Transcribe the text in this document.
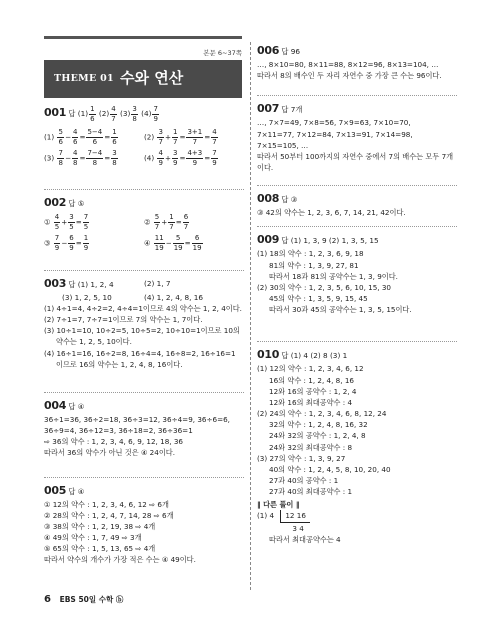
본문 6~37쪽
THEME 01 수와 연산
001 답 $(1) \frac{1}{6} (2) \frac{4}{7} (3) \frac{3}{8} (4) \frac{7}{9}$
$(1) \frac{5}{6} - \frac{4}{6} = \frac{5-4}{6} = \frac{1}{6}$	$(2) \frac{3}{7} + \frac{1}{7} = \frac{3+1}{7} = \frac{4}{7}$
$(3) \frac{7}{8} - \frac{4}{8} = \frac{7-4}{8} = \frac{3}{8}$	$(4) \frac{4}{9} + \frac{3}{9} = \frac{4+3}{9} = \frac{7}{9}$
002 답 ⑤
① $\frac{4}{5} + \frac{3}{5} = \frac{7}{5}$	② $\frac{5}{7} + \frac{1}{7} = \frac{6}{7}$
③ $\frac{7}{9} - \frac{6}{9} = \frac{1}{9}$	④ $\frac{11}{19} - \frac{5}{19} = \frac{6}{19}$
003 답 (1) 1, 2, 4	(2) 1, 7
(3) 1, 2, 5, 10	(4) 1, 2, 4, 8, 16
(1) 4÷1=4, 4÷2=2, 4÷4=1이므로 4의 약수는 1, 2, 4이다.
(2) 7÷1=7, 7÷7=1이므로 7의 약수는 1, 7이다.
(3) 10÷1=10, 10÷2=5, 10÷5=2, 10÷10=1이므로 10의
약수는 1, 2, 5, 10이다.
(4) 16÷1=16, 16÷2=8, 16÷4=4, 16÷8=2, 16÷16=1
이므로 16의 약수는 1, 2, 4, 8, 16이다.
004 답 ④
36÷1=36, 36÷2=18, 36÷3=12, 36÷4=9, 36÷6=6,
36÷9=4, 36÷12=3, 36÷18=2, 36÷36=1
⇨ 36의 약수 : 1, 2, 3, 4, 6, 9, 12, 18, 36
따라서 36의 약수가 아닌 것은 ④ 24이다.
005 답 ④
① 12의 약수 : 1, 2, 3, 4, 6, 12 ⇨ 6개
② 28의 약수 : 1, 2, 4, 7, 14, 28 ⇨ 6개
③ 38의 약수 : 1, 2, 19, 38 ⇨ 4개
④ 49의 약수 : 1, 7, 49 ⇨ 3개
⑤ 65의 약수 : 1, 5, 13, 65 ⇨ 4개
따라서 약수의 개수가 가장 적은 수는 ④ 49이다.
006 답 96
…, 8×10=80, 8×11=88, 8×12=96, 8×13=104, …
따라서 8의 배수인 두 자리 자연수 중 가장 큰 수는 96이다.
007 답 7개
…, 7×7=49, 7×8=56, 7×9=63, 7×10=70,
7×11=77, 7×12=84, 7×13=91, 7×14=98,
7×15=105, …
따라서 50부터 100까지의 자연수 중에서 7의 배수는 모두 7개
이다.
008 답 ③
③ 42의 약수는 1, 2, 3, 6, 7, 14, 21, 42이다.
009 답 (1) 1, 3, 9 (2) 1, 3, 5, 15
(1) 18의 약수 : 1, 2, 3, 6, 9, 18
81의 약수 : 1, 3, 9, 27, 81
따라서 18과 81의 공약수는 1, 3, 9이다.
(2) 30의 약수 : 1, 2, 3, 5, 6, 10, 15, 30
45의 약수 : 1, 3, 5, 9, 15, 45
따라서 30과 45의 공약수는 1, 3, 5, 15이다.
010 답 (1) 4 (2) 8 (3) 1
(1) 12의 약수 : 1, 2, 3, 4, 6, 12
16의 약수 : 1, 2, 4, 8, 16
12와 16의 공약수 : 1, 2, 4
12와 16의 최대공약수 : 4
(2) 24의 약수 : 1, 2, 3, 4, 6, 8, 12, 24
32의 약수 : 1, 2, 4, 8, 16, 32
24와 32의 공약수 : 1, 2, 4, 8
24와 32의 최대공약수 : 8
(3) 27의 약수 : 1, 3, 9, 27
40의 약수 : 1, 2, 4, 5, 8, 10, 20, 40
27과 40의 공약수 : 1
27과 40의 최대공약수 : 1
‖ 다른 풀이 ‖
(1) $4 \frac{12 16}{3 4}$
따라서 최대공약수는 4
6 EBS 50일 수학 ⓑ
